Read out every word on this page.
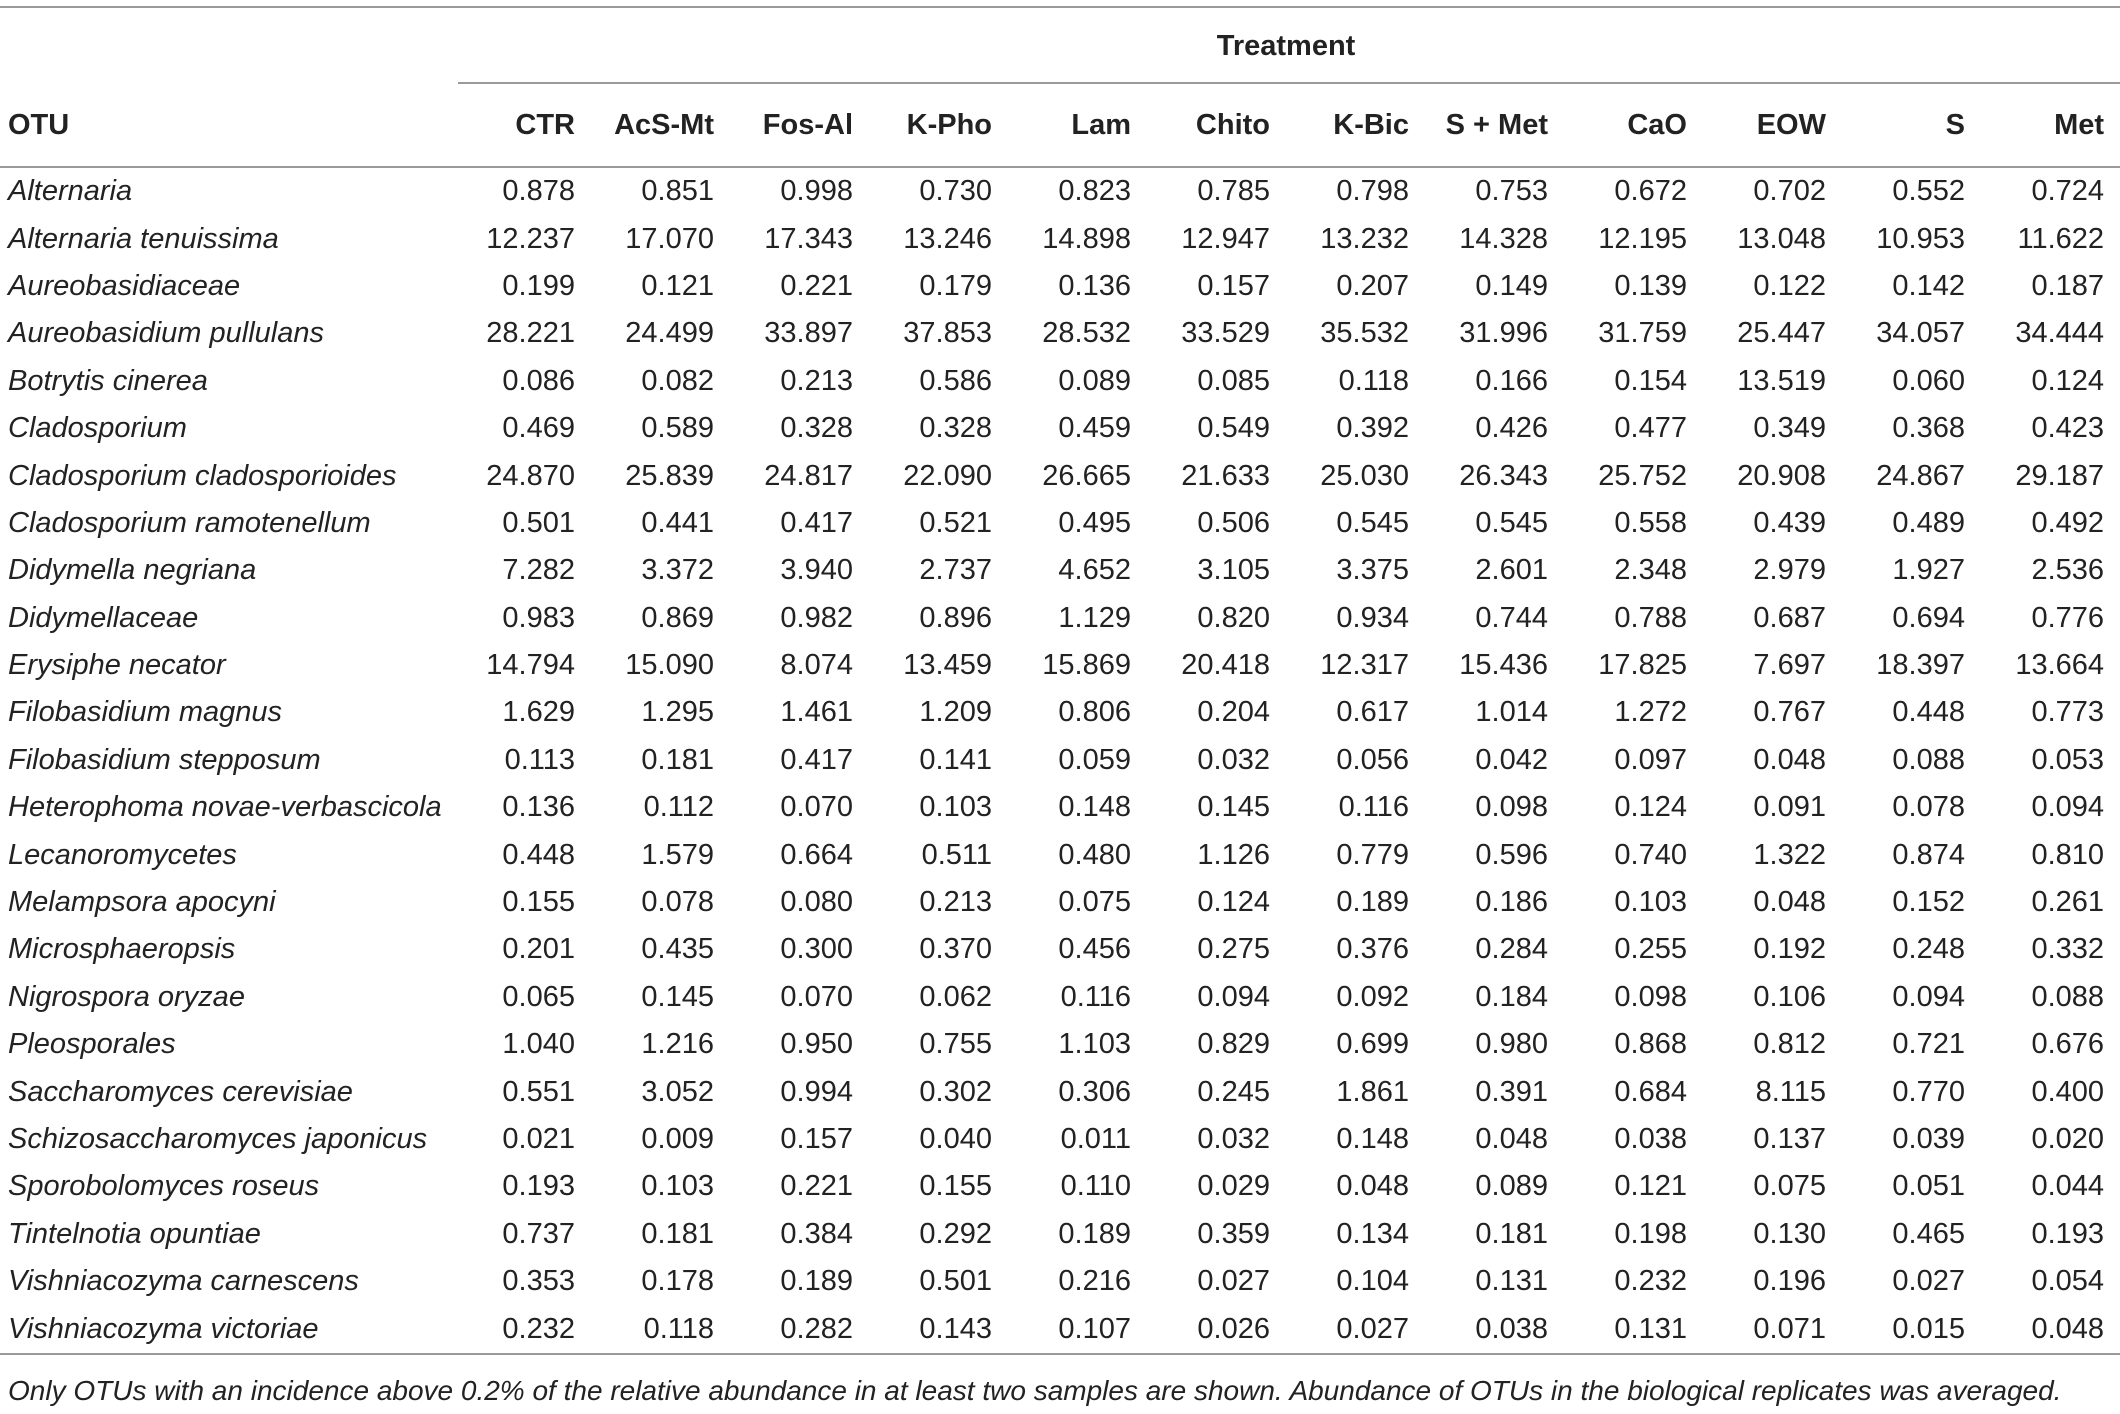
	Treatment											

OTU	CTR	AcS-Mt	Fos-Al	K-Pho	Lam	Chito	K-Bic	S + Met	CaO	EOW	S	Met
Alternaria	0.878	0.851	0.998	0.730	0.823	0.785	0.798	0.753	0.672	0.702	0.552	0.724
Alternaria tenuissima	12.237	17.070	17.343	13.246	14.898	12.947	13.232	14.328	12.195	13.048	10.953	11.622
Aureobasidiaceae	0.199	0.121	0.221	0.179	0.136	0.157	0.207	0.149	0.139	0.122	0.142	0.187
Aureobasidium pullulans	28.221	24.499	33.897	37.853	28.532	33.529	35.532	31.996	31.759	25.447	34.057	34.444
Botrytis cinerea	0.086	0.082	0.213	0.586	0.089	0.085	0.118	0.166	0.154	13.519	0.060	0.124
Cladosporium	0.469	0.589	0.328	0.328	0.459	0.549	0.392	0.426	0.477	0.349	0.368	0.423
Cladosporium cladosporioides	24.870	25.839	24.817	22.090	26.665	21.633	25.030	26.343	25.752	20.908	24.867	29.187
Cladosporium ramotenellum	0.501	0.441	0.417	0.521	0.495	0.506	0.545	0.545	0.558	0.439	0.489	0.492
Didymella negriana	7.282	3.372	3.940	2.737	4.652	3.105	3.375	2.601	2.348	2.979	1.927	2.536
Didymellaceae	0.983	0.869	0.982	0.896	1.129	0.820	0.934	0.744	0.788	0.687	0.694	0.776
Erysiphe necator	14.794	15.090	8.074	13.459	15.869	20.418	12.317	15.436	17.825	7.697	18.397	13.664
Filobasidium magnus	1.629	1.295	1.461	1.209	0.806	0.204	0.617	1.014	1.272	0.767	0.448	0.773
Filobasidium stepposum	0.113	0.181	0.417	0.141	0.059	0.032	0.056	0.042	0.097	0.048	0.088	0.053
Heterophoma novae-verbascicola	0.136	0.112	0.070	0.103	0.148	0.145	0.116	0.098	0.124	0.091	0.078	0.094
Lecanoromycetes	0.448	1.579	0.664	0.511	0.480	1.126	0.779	0.596	0.740	1.322	0.874	0.810
Melampsora apocyni	0.155	0.078	0.080	0.213	0.075	0.124	0.189	0.186	0.103	0.048	0.152	0.261
Microsphaeropsis	0.201	0.435	0.300	0.370	0.456	0.275	0.376	0.284	0.255	0.192	0.248	0.332
Nigrospora oryzae	0.065	0.145	0.070	0.062	0.116	0.094	0.092	0.184	0.098	0.106	0.094	0.088
Pleosporales	1.040	1.216	0.950	0.755	1.103	0.829	0.699	0.980	0.868	0.812	0.721	0.676
Saccharomyces cerevisiae	0.551	3.052	0.994	0.302	0.306	0.245	1.861	0.391	0.684	8.115	0.770	0.400
Schizosaccharomyces japonicus	0.021	0.009	0.157	0.040	0.011	0.032	0.148	0.048	0.038	0.137	0.039	0.020
Sporobolomyces roseus	0.193	0.103	0.221	0.155	0.110	0.029	0.048	0.089	0.121	0.075	0.051	0.044
Tintelnotia opuntiae	0.737	0.181	0.384	0.292	0.189	0.359	0.134	0.181	0.198	0.130	0.465	0.193
Vishniacozyma carnescens	0.353	0.178	0.189	0.501	0.216	0.027	0.104	0.131	0.232	0.196	0.027	0.054
Vishniacozyma victoriae	0.232	0.118	0.282	0.143	0.107	0.026	0.027	0.038	0.131	0.071	0.015	0.048
Only OTUs with an incidence above 0.2% of the relative abundance in at least two samples are shown. Abundance of OTUs in the biological replicates was averaged.
